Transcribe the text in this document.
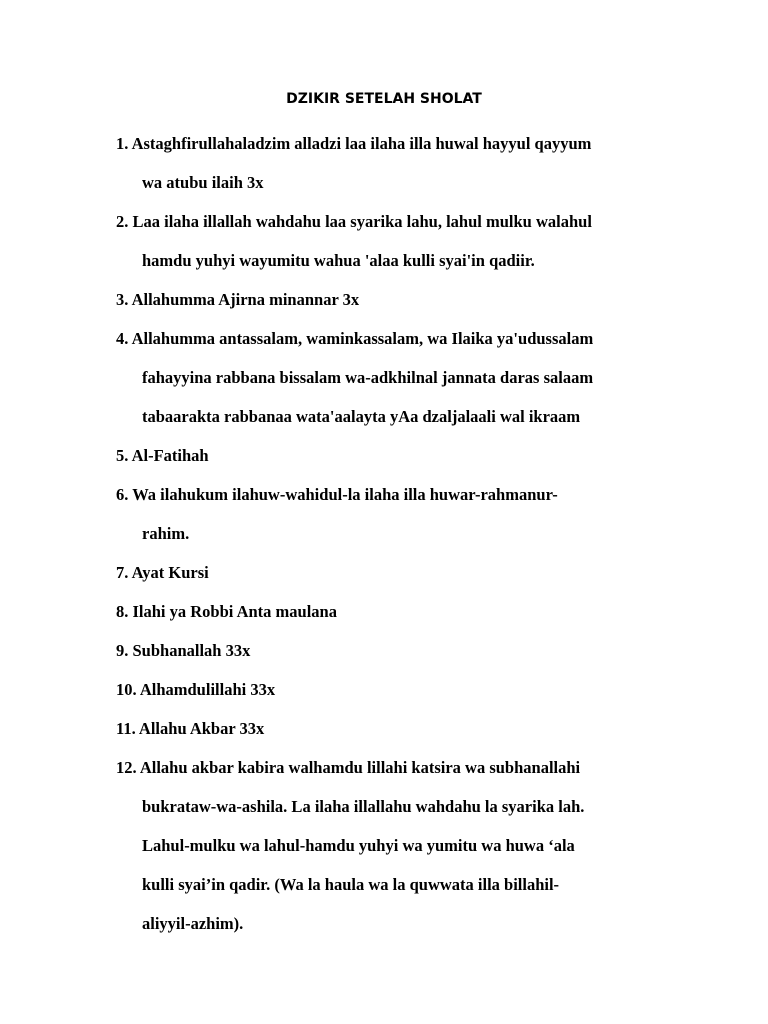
DZIKIR SETELAH SHOLAT
1. Astaghfirullahaladzim alladzi laa ilaha illa huwal hayyul qayyum
wa atubu ilaih 3x
2. Laa ilaha illallah wahdahu laa syarika lahu, lahul mulku walahul
hamdu yuhyi wayumitu wahua 'alaa kulli syai'in qadiir.
3. Allahumma Ajirna minannar 3x
4. Allahumma antassalam, waminkassalam, wa Ilaika ya'udussalam
fahayyina rabbana bissalam wa-adkhilnal jannata daras salaam
tabaarakta rabbanaa wata'aalayta yAa dzaljalaali wal ikraam
5. Al-Fatihah
6. Wa ilahukum ilahuw-wahidul-la ilaha illa huwar-rahmanur-
rahim.
7. Ayat Kursi
8. Ilahi ya Robbi Anta maulana
9. Subhanallah 33x
10. Alhamdulillahi 33x
11. Allahu Akbar 33x
12. Allahu akbar kabira walhamdu lillahi katsira wa subhanallahi
bukrataw-wa-ashila. La ilaha illallahu wahdahu la syarika lah.
Lahul-mulku wa lahul-hamdu yuhyi wa yumitu wa huwa ‘ala
kulli syai’in qadir. (Wa la haula wa la quwwata illa billahil-
aliyyil-azhim).
